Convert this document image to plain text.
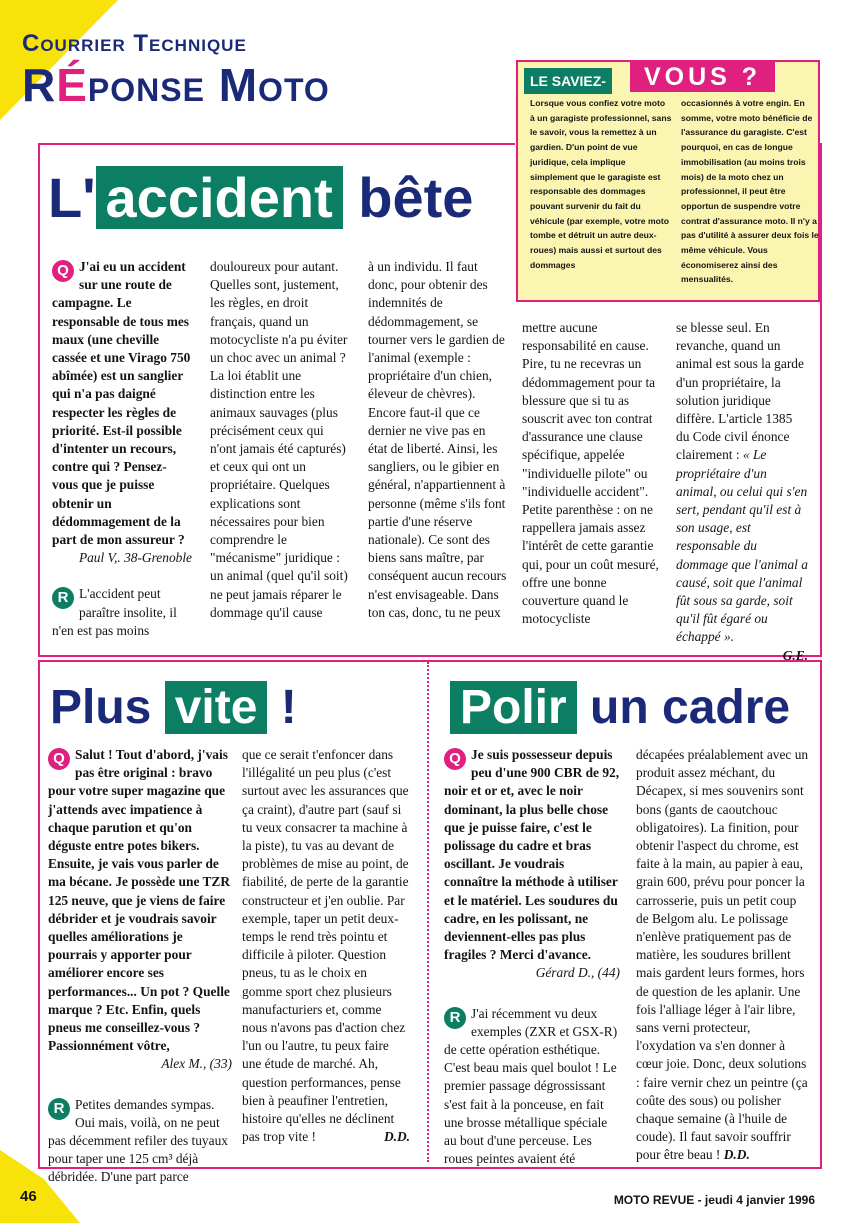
Courrier Technique
RÉponse Moto	LE SAVIEZ-	VOUS ?
Lorsque vous confiez votre moto à un garagiste professionnel, sans le savoir, vous la remettez à un gardien. D'un point de vue juridique, cela implique simplement que le garagiste est responsable des dommages pouvant survenir du fait du véhicule (par exemple, votre moto tombe et détruit un autre deux-roues) mais aussi et surtout des dommages
occasionnés à votre engin. En somme, votre moto bénéficie de l'assurance du garagiste. C'est pourquoi, en cas de longue immobilisation (au moins trois mois) de la moto chez un professionnel, il peut être opportun de suspendre votre contrat d'assurance moto. Il n'y a pas d'utilité à assurer deux fois le même véhicule. Vous économiserez ainsi des mensualités.
L' accident bête
Q J'ai eu un accident sur une route de campagne. Le responsable de tous mes maux (une cheville cassée et une Virago 750 abîmée) est un sanglier qui n'a pas daigné respecter les règles de priorité. Est-il possible d'intenter un recours, contre qui ? Pensez-vous que je puisse obtenir un dédommagement de la part de mon assureur ?
Paul V,. 38-Grenoble
R L'accident peut paraître insolite, il n'en est pas moins
douloureux pour autant. Quelles sont, justement, les règles, en droit français, quand un motocycliste n'a pu éviter un choc avec un animal ? La loi établit une distinction entre les animaux sauvages (plus précisément ceux qui n'ont jamais été capturés) et ceux qui ont un propriétaire. Quelques explications sont nécessaires pour bien comprendre le "mécanisme" juridique : un animal (quel qu'il soit) ne peut jamais réparer le dommage qu'il cause
à un individu. Il faut donc, pour obtenir des indemnités de dédommagement, se tourner vers le gardien de l'animal (exemple : propriétaire d'un chien, éleveur de chèvres). Encore faut-il que ce dernier ne vive pas en état de liberté. Ainsi, les sangliers, ou le gibier en général, n'appartiennent à personne (même s'ils font partie d'une réserve nationale). Ce sont des biens sans maître, par conséquent aucun recours n'est envisageable. Dans ton cas, donc, tu ne peux
mettre aucune responsabilité en cause. Pire, tu ne recevras un dédommagement pour ta blessure que si tu as souscrit avec ton contrat d'assurance une clause spécifique, appelée "individuelle pilote" ou "individuelle accident". Petite parenthèse : on ne rappellera jamais assez l'intérêt de cette garantie qui, pour un coût mesuré, offre une bonne couverture quand le motocycliste
se blesse seul. En revanche, quand un animal est sous la garde d'un propriétaire, la solution juridique diffère. L'article 1385 du Code civil énonce clairement : « Le propriétaire d'un animal, ou celui qui s'en sert, pendant qu'il est à son usage, est responsable du dommage que l'animal a causé, soit que l'animal fût sous sa garde, soit qu'il fût égaré ou échappé ».
G.E.
Plus vite !
Q Salut ! Tout d'abord, j'vais pas être original : bravo pour votre super magazine que j'attends avec impatience à chaque parution et qu'on déguste entre potes bikers. Ensuite, je vais vous parler de ma bécane. Je possède une TZR 125 neuve, que je viens de faire débrider et je voudrais savoir quelles améliorations je pourrais y apporter pour améliorer encore ses performances... Un pot ? Quelle marque ? Etc. Enfin, quels pneus me conseillez-vous ? Passionnément vôtre,
Alex M., (33)
R Petites demandes sympas. Oui mais, voilà, on ne peut pas décemment refiler des tuyaux pour taper une 125 cm³ déjà débridée. D'une part parce
que ce serait t'enfoncer dans l'illégalité un peu plus (c'est surtout avec les assurances que ça craint), d'autre part (sauf si tu veux consacrer ta machine à la piste), tu vas au devant de problèmes de mise au point, de fiabilité, de perte de la garantie constructeur et j'en oublie. Par exemple, taper un petit deux-temps le rend très pointu et difficile à piloter. Question pneus, tu as le choix en gomme sport chez plusieurs manufacturiers et, comme nous n'avons pas d'action chez l'un ou l'autre, tu peux faire une étude de marché. Ah, question performances, pense bien à peaufiner l'entretien, histoire qu'elles ne déclinent pas trop vite !	D.D.
Polir un cadre
Q Je suis possesseur depuis peu d'une 900 CBR de 92, noir et or et, avec le noir dominant, la plus belle chose que je puisse faire, c'est le polissage du cadre et bras oscillant. Je voudrais connaître la méthode à utiliser et le matériel. Les soudures du cadre, en les polissant, ne deviennent-elles pas plus fragiles ? Merci d'avance.
Gérard D., (44)
R J'ai récemment vu deux exemples (ZXR et GSX-R) de cette opération esthétique. C'est beau mais quel boulot ! Le premier passage dégrossissant s'est fait à la ponceuse, en fait une brosse métallique spéciale au bout d'une perceuse. Les roues peintes avaient été
décapées préalablement avec un produit assez méchant, du Décapex, si mes souvenirs sont bons (gants de caoutchouc obligatoires). La finition, pour obtenir l'aspect du chrome, est faite à la main, au papier à eau, grain 600, prévu pour poncer la carrosserie, puis un petit coup de Belgom alu. Le polissage n'enlève pratiquement pas de matière, les soudures brillent mais gardent leurs formes, hors de question de les aplanir. Une fois l'alliage léger à l'air libre, sans verni protecteur, l'oxydation va s'en donner à cœur joie. Donc, deux solutions : faire vernir chez un peintre (ça coûte des sous) ou polisher chaque semaine (à l'huile de coude). Il faut savoir souffrir pour être beau ! D.D.
46	MOTO REVUE - jeudi 4 janvier 1996
